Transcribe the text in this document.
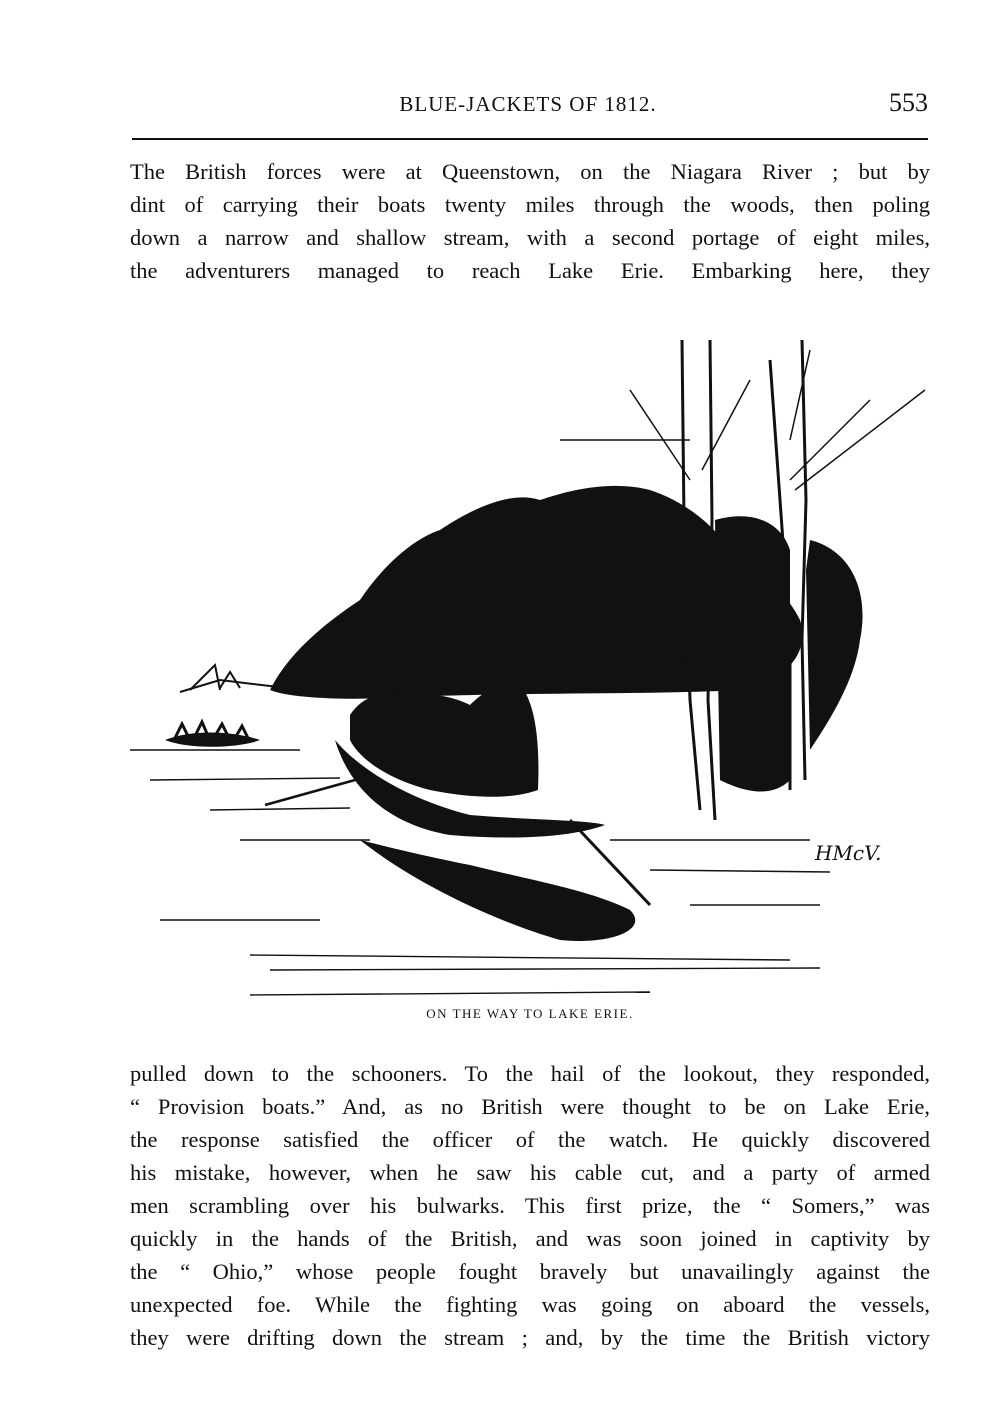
BLUE-JACKETS OF 1812.	553
The British forces were at Queenstown, on the Niagara River ; but by
dint of carrying their boats twenty miles through the woods, then poling
down a narrow and shallow stream, with a second portage of eight miles,
the adventurers managed to reach Lake Erie. Embarking here, they
HMcV.
ON THE WAY TO LAKE ERIE.
pulled down to the schooners. To the hail of the lookout, they responded,
“ Provision boats.” And, as no British were thought to be on Lake Erie,
the response satisfied the officer of the watch. He quickly discovered
his mistake, however, when he saw his cable cut, and a party of armed
men scrambling over his bulwarks. This first prize, the “ Somers,” was
quickly in the hands of the British, and was soon joined in captivity by
the “ Ohio,” whose people fought bravely but unavailingly against the
unexpected foe. While the fighting was going on aboard the vessels,
they were drifting down the stream ; and, by the time the British victory
